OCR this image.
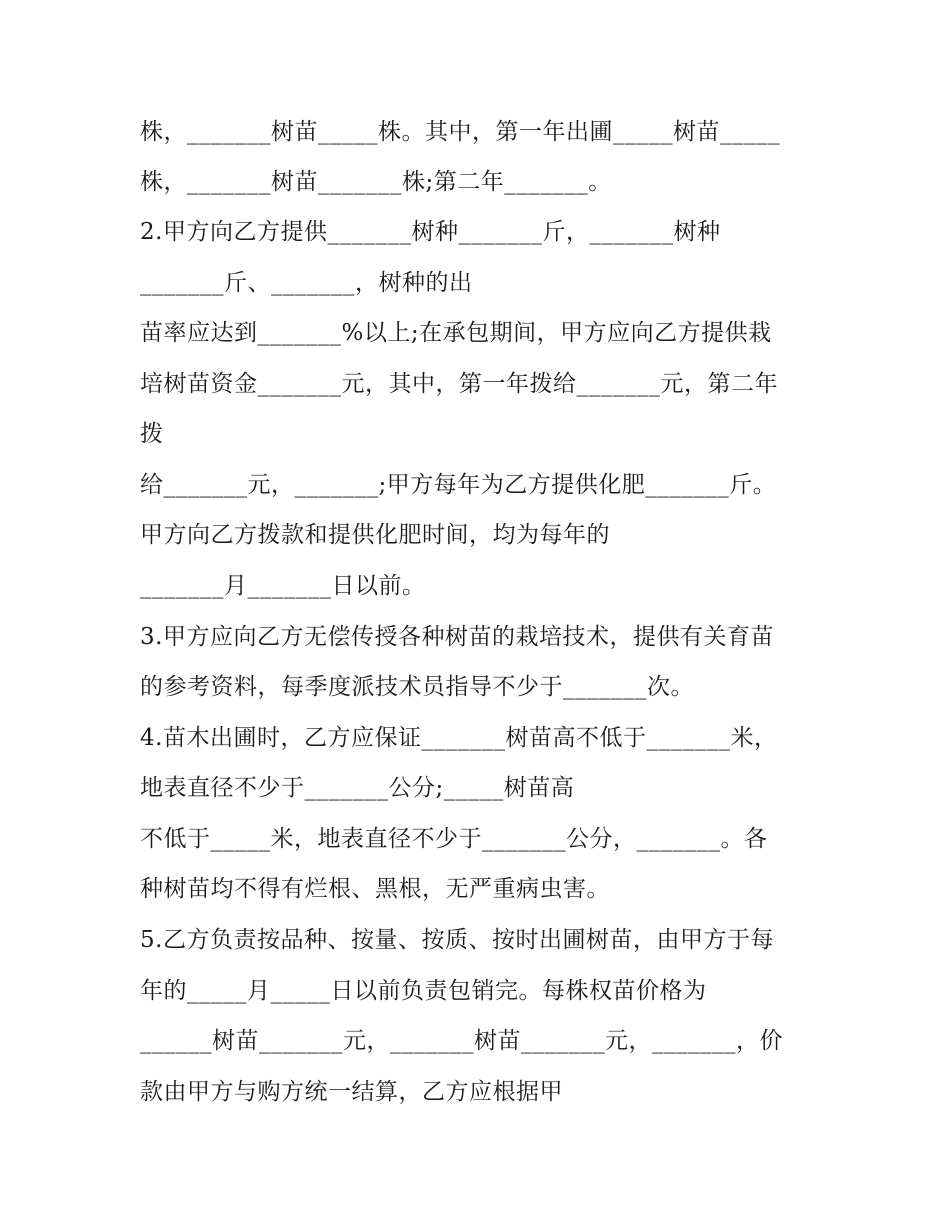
株，_______树苗_____株。其中，第一年出圃_____树苗_____
株，_______树苗_______株;第二年_______。
2.甲方向乙方提供_______树种_______斤，_______树种
_______斤、_______，树种的出
苗率应达到_______%以上;在承包期间，甲方应向乙方提供栽
培树苗资金_______元，其中，第一年拨给_______元，第二年
拨
给_______元，_______;甲方每年为乙方提供化肥_______斤。
甲方向乙方拨款和提供化肥时间，均为每年的
_______月_______日以前。
3.甲方应向乙方无偿传授各种树苗的栽培技术，提供有关育苗
的参考资料，每季度派技术员指导不少于_______次。
4.苗木出圃时，乙方应保证_______树苗高不低于_______米，
地表直径不少于_______公分;_____树苗高
不低于_____米，地表直径不少于_______公分，_______。各
种树苗均不得有烂根、黑根，无严重病虫害。
5.乙方负责按品种、按量、按质、按时出圃树苗，由甲方于每
年的_____月_____日以前负责包销完。每株权苗价格为
______树苗_______元，_______树苗_______元，_______，价
款由甲方与购方统一结算，乙方应根据甲
